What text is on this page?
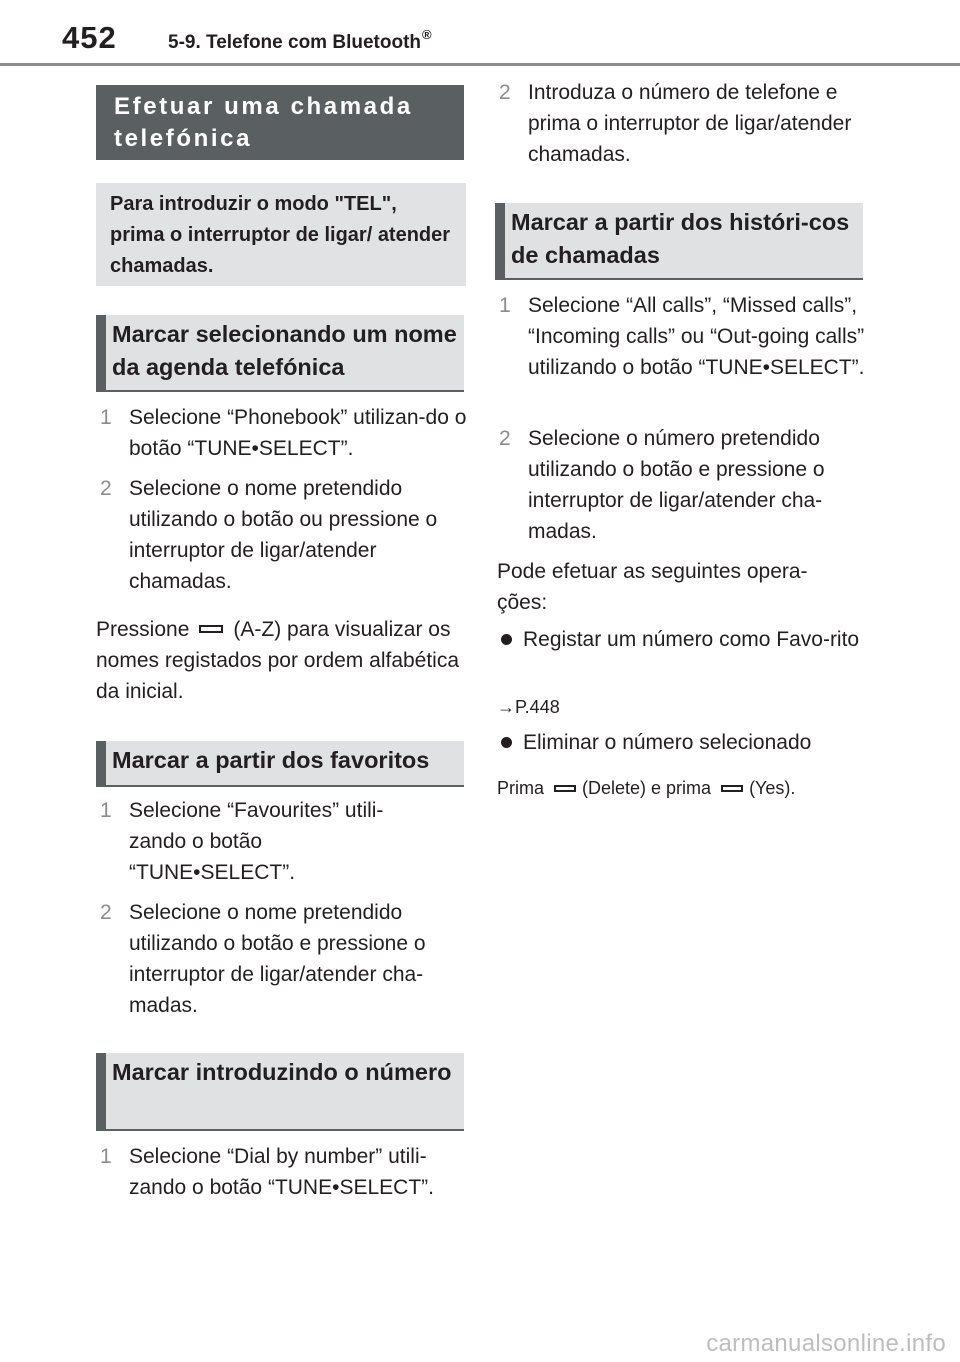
452	5-9. Telefone com Bluetooth®
Efetuar uma chamada telefónica
Para introduzir o modo "TEL", prima o interruptor de ligar/ atender chamadas.
Marcar selecionando um nome da agenda telefónica
1 Selecione “Phonebook” utilizan-do o botão “TUNE•SELECT”.
2 Selecione o nome pretendido utilizando o botão ou pressione o interruptor de ligar/atender chamadas.
Pressione (A-Z) para visualizar os nomes registados por ordem alfabética da inicial.
Marcar a partir dos favoritos
1 Selecione “Favourites” utili-zando o botão “TUNE•SELECT”.
2 Selecione o nome pretendido utilizando o botão e pressione o interruptor de ligar/atender cha-madas.
Marcar introduzindo o número
1 Selecione “Dial by number” utili-zando o botão “TUNE•SELECT”.
2 Introduza o número de telefone e prima o interruptor de ligar/atender chamadas.
Marcar a partir dos históri-cos de chamadas
1 Selecione “All calls”, “Missed calls”, “Incoming calls” ou “Out-going calls” utilizando o botão “TUNE•SELECT”.
2 Selecione o número pretendido utilizando o botão e pressione o interruptor de ligar/atender cha-madas.
Pode efetuar as seguintes opera-ções:
Registar um número como Favo-rito
→P.448
Eliminar o número selecionado
Prima (Delete) e prima (Yes).
carmanualsonline.info
